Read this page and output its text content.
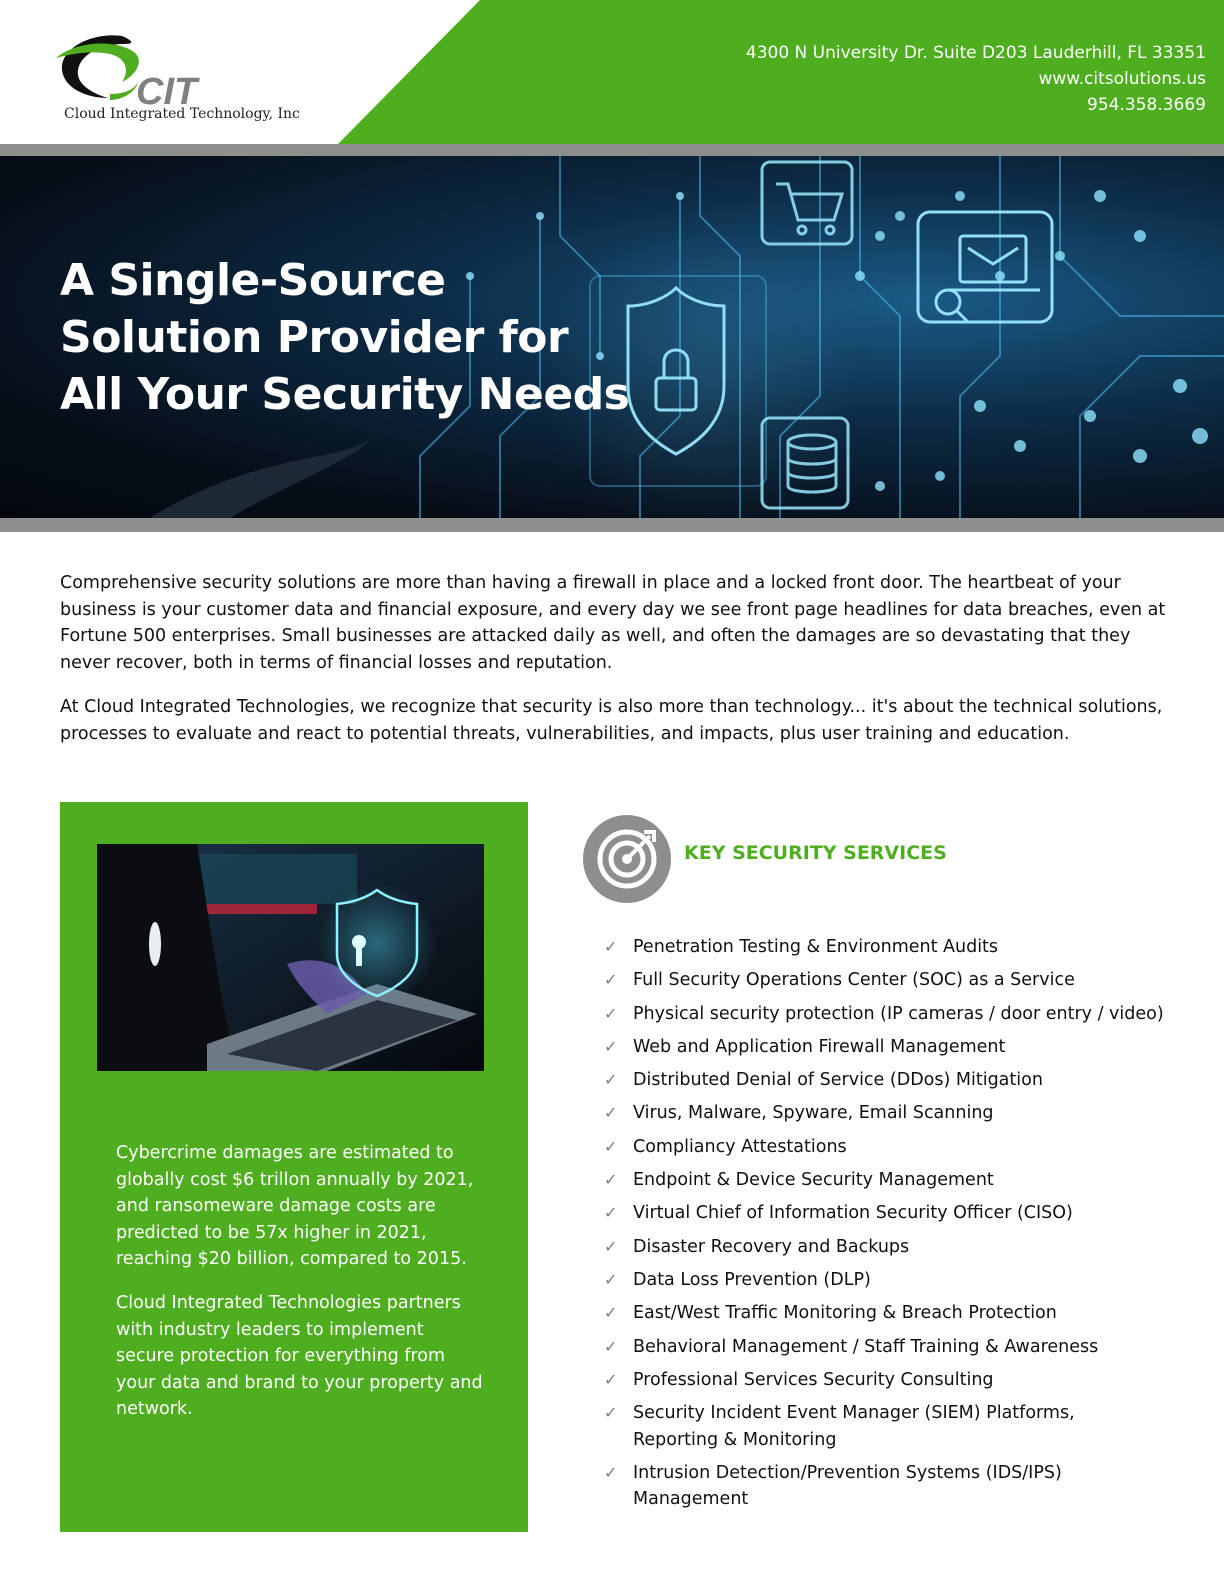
CIT
Cloud Integrated Technology, Inc
4300 N University Dr. Suite D203 Lauderhill, FL 33351
www.citsolutions.us
954.358.3669
A Single-Source
Solution Provider for
All Your Security Needs
Comprehensive security solutions are more than having a firewall in place and a locked front door. The heartbeat of your business is your customer data and financial exposure, and every day we see front page headlines for data breaches, even at Fortune 500 enterprises. Small businesses are attacked daily as well, and often the damages are so devastating that they never recover, both in terms of financial losses and reputation.
At Cloud Integrated Technologies, we recognize that security is also more than technology... it's about the technical solutions, processes to evaluate and react to potential threats, vulnerabilities, and impacts, plus user training and education.
Cybercrime damages are estimated to globally cost $6 trillon annually by 2021, and ransomeware damage costs are predicted to be 57x higher in 2021, reaching $20 billion, compared to 2015.
Cloud Integrated Technologies partners with industry leaders to implement secure protection for everything from your data and brand to your property and network.
KEY SECURITY SERVICES
✓ Penetration Testing & Environment Audits
✓ Full Security Operations Center (SOC) as a Service
✓ Physical security protection (IP cameras / door entry / video)
✓ Web and Application Firewall Management
✓ Distributed Denial of Service (DDos) Mitigation
✓ Virus, Malware, Spyware, Email Scanning
✓ Compliancy Attestations
✓ Endpoint & Device Security Management
✓ Virtual Chief of Information Security Officer (CISO)
✓ Disaster Recovery and Backups
✓ Data Loss Prevention (DLP)
✓ East/West Traffic Monitoring & Breach Protection
✓ Behavioral Management / Staff Training & Awareness
✓ Professional Services Security Consulting
✓ Security Incident Event Manager (SIEM) Platforms, Reporting & Monitoring
✓ Intrusion Detection/Prevention Systems (IDS/IPS) Management
